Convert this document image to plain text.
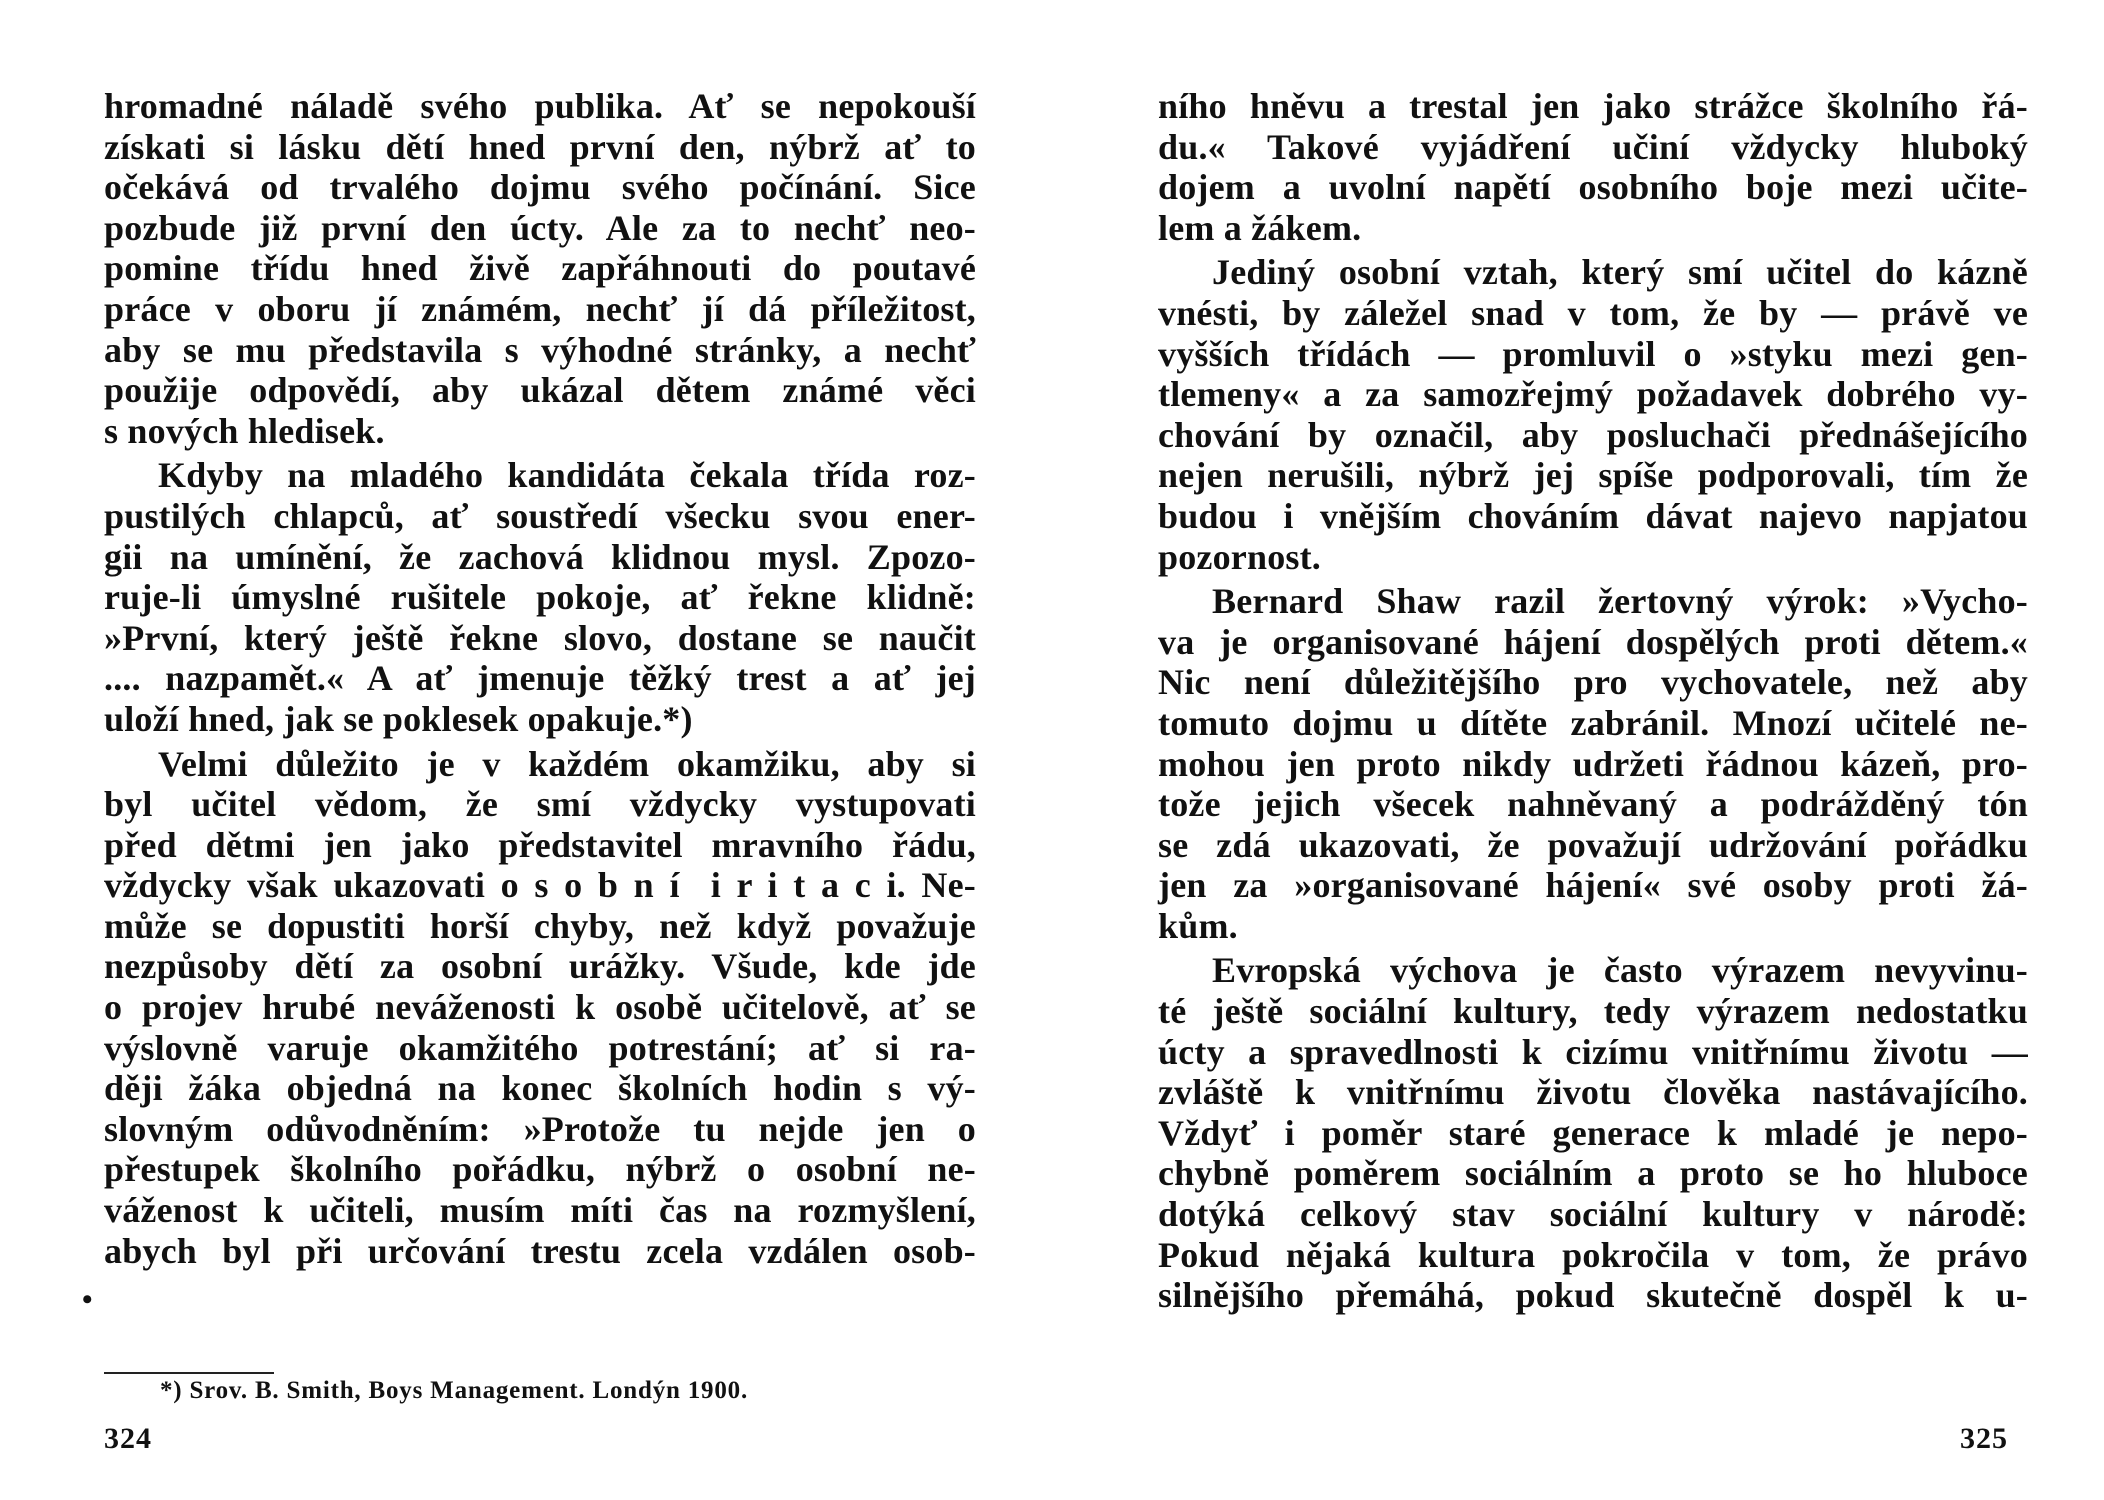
hromadné náladě svého publika. Ať se nepokouší
získati si lásku dětí hned první den, nýbrž ať to
očekává od trvalého dojmu svého počínání. Sice
pozbude již první den úcty. Ale za to nechť neo-
pomine třídu hned živě zapřáhnouti do poutavé
práce v oboru jí známém, nechť jí dá příležitost,
aby se mu představila s výhodné stránky, a nechť
použije odpovědí, aby ukázal dětem známé věci
s nových hledisek.
Kdyby na mladého kandidáta čekala třída roz-
pustilých chlapců, ať soustředí všecku svou ener-
gii na umínění, že zachová klidnou mysl. Zpozo-
ruje-li úmyslné rušitele pokoje, ať řekne klidně:
»První, který ještě řekne slovo, dostane se naučit
.... nazpamět.« A ať jmenuje těžký trest a ať jej
uloží hned, jak se poklesek opakuje.*)
Velmi důležito je v každém okamžiku, aby si
byl učitel vědom, že smí vždycky vystupovati
před dětmi jen jako představitel mravního řádu,
vždycky však ukazovati o s o b n í  i r i t a c i. Ne-
může se dopustiti horší chyby, než když považuje
nezpůsoby dětí za osobní urážky. Všude, kde jde
o projev hrubé neváženosti k osobě učitelově, ať se
výslovně varuje okamžitého potrestání; ať si ra-
ději žáka objedná na konec školních hodin s vý-
slovným odůvodněním: »Protože tu nejde jen o
přestupek školního pořádku, nýbrž o osobní ne-
váženost k učiteli, musím míti čas na rozmyšlení,
abych byl při určování trestu zcela vzdálen osob-
•
*) Srov. B. Smith, Boys Management. Londýn 1900.
324
ního hněvu a trestal jen jako strážce školního řá-
du.« Takové vyjádření učiní vždycky hluboký
dojem a uvolní napětí osobního boje mezi učite-
lem a žákem.
Jediný osobní vztah, který smí učitel do kázně
vnésti, by záležel snad v tom, že by — právě ve
vyšších třídách — promluvil o »styku mezi gen-
tlemeny« a za samozřejmý požadavek dobrého vy-
chování by označil, aby posluchači přednášejícího
nejen nerušili, nýbrž jej spíše podporovali, tím že
budou i vnějším chováním dávat najevo napjatou
pozornost.
Bernard Shaw razil žertovný výrok: »Vycho-
va je organisované hájení dospělých proti dětem.«
Nic není důležitějšího pro vychovatele, než aby
tomuto dojmu u dítěte zabránil. Mnozí učitelé ne-
mohou jen proto nikdy udržeti řádnou kázeň, pro-
tože jejich všecek nahněvaný a podrážděný tón
se zdá ukazovati, že považují udržování pořádku
jen za »organisované hájení« své osoby proti žá-
kům.
Evropská výchova je často výrazem nevyvinu-
té ještě sociální kultury, tedy výrazem nedostatku
úcty a spravedlnosti k cizímu vnitřnímu životu —
zvláště k vnitřnímu životu člověka nastávajícího.
Vždyť i poměr staré generace k mladé je nepo-
chybně poměrem sociálním a proto se ho hluboce
dotýká celkový stav sociální kultury v národě:
Pokud nějaká kultura pokročila v tom, že právo
silnějšího přemáhá, pokud skutečně dospěl k u-
325
